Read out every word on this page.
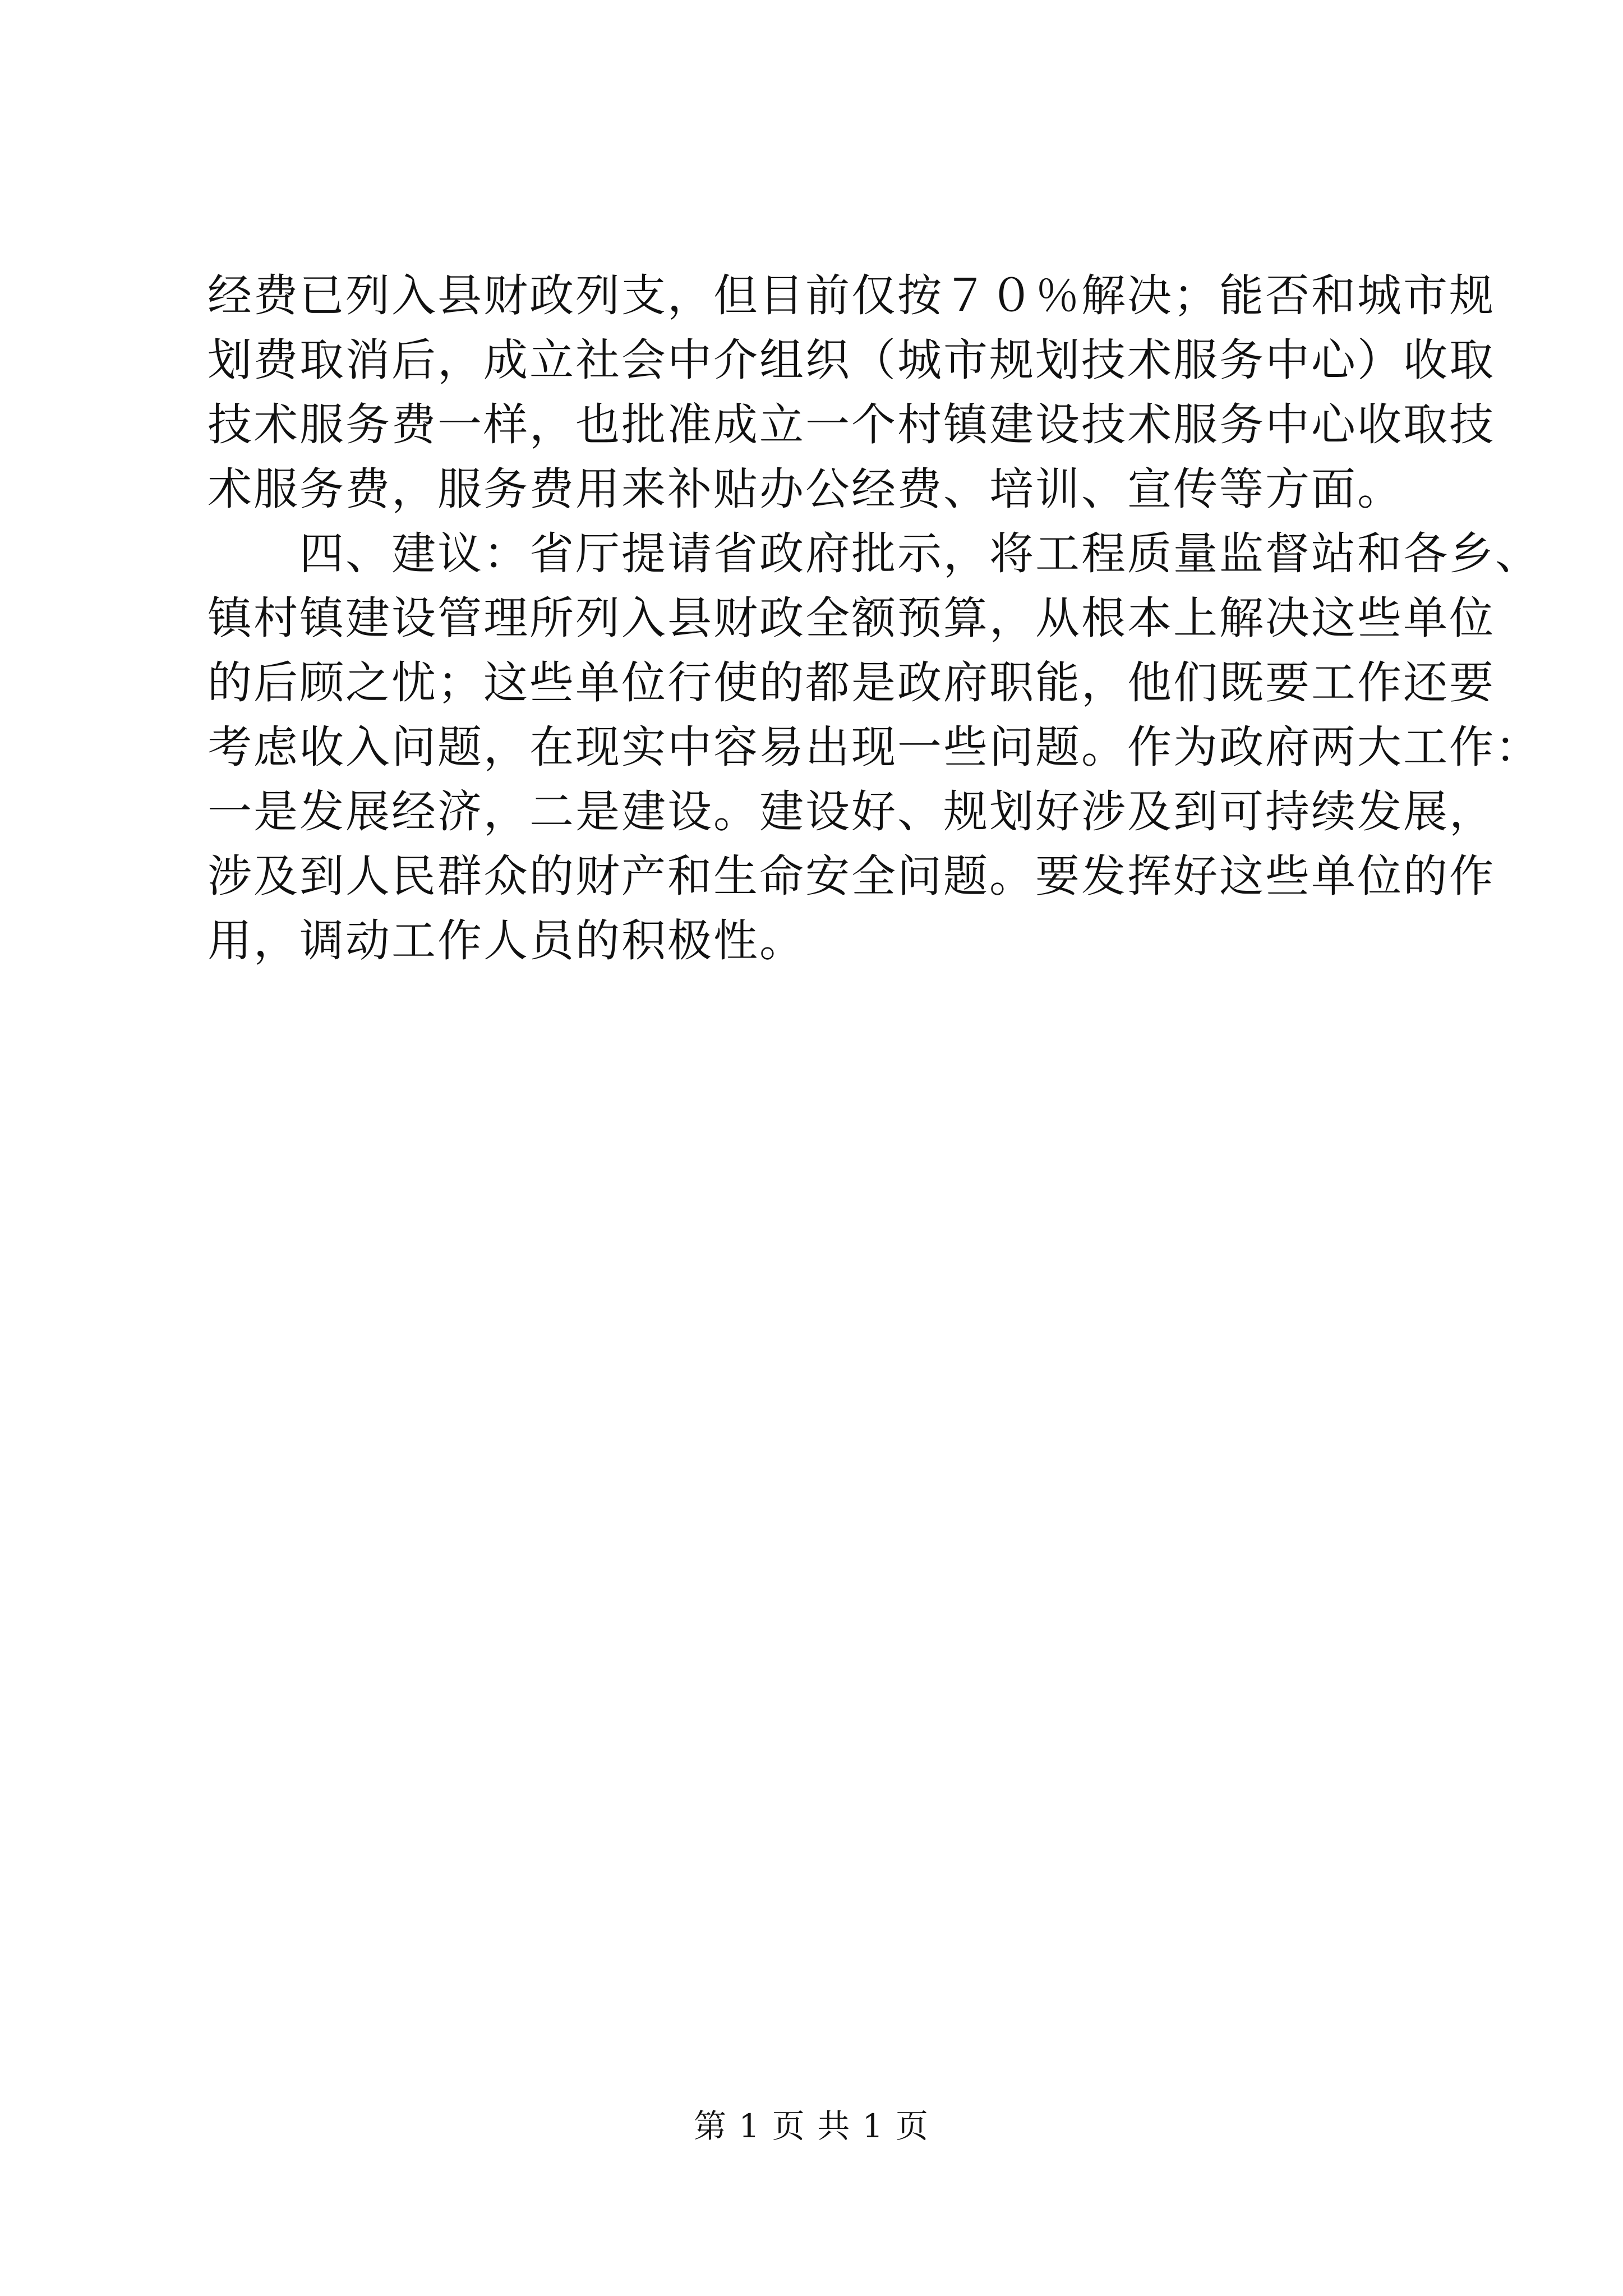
经费已列入县财政列支，但目前仅按７０％解决；能否和城市规
划费取消后，成立社会中介组织（城市规划技术服务中心）收取
技术服务费一样，也批准成立一个村镇建设技术服务中心收取技
术服务费，服务费用来补贴办公经费、培训、宣传等方面。
　　四、建议：省厅提请省政府批示，将工程质量监督站和各乡、
镇村镇建设管理所列入县财政全额预算，从根本上解决这些单位
的后顾之忧；这些单位行使的都是政府职能，他们既要工作还要
考虑收入问题，在现实中容易出现一些问题。作为政府两大工作：
一是发展经济，二是建设。建设好、规划好涉及到可持续发展，
涉及到人民群众的财产和生命安全问题。要发挥好这些单位的作
用，调动工作人员的积极性。
第 1 页 共 1 页
